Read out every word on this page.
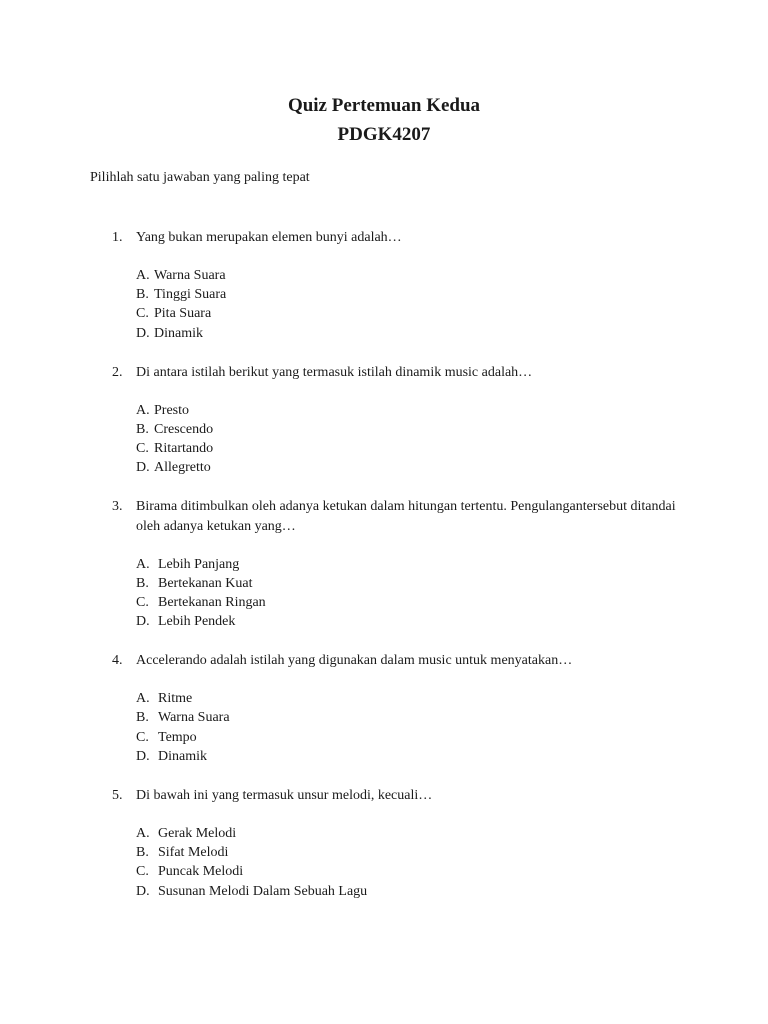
Quiz Pertemuan Kedua
PDGK4207
Pilihlah satu jawaban yang paling tepat
1. Yang bukan merupakan elemen bunyi adalah…
A. Warna Suara
B. Tinggi Suara
C. Pita Suara
D. Dinamik
2. Di antara istilah berikut yang termasuk istilah dinamik music adalah…
A. Presto
B. Crescendo
C. Ritartando
D. Allegretto
3. Birama ditimbulkan oleh adanya ketukan dalam hitungan tertentu. Pengulangantersebut ditandai oleh adanya ketukan yang…
A. Lebih Panjang
B. Bertekanan Kuat
C. Bertekanan Ringan
D. Lebih Pendek
4. Accelerando adalah istilah yang digunakan dalam music untuk menyatakan…
A. Ritme
B. Warna Suara
C. Tempo
D. Dinamik
5. Di bawah ini yang termasuk unsur melodi, kecuali…
A. Gerak Melodi
B. Sifat Melodi
C. Puncak Melodi
D. Susunan Melodi Dalam Sebuah Lagu
